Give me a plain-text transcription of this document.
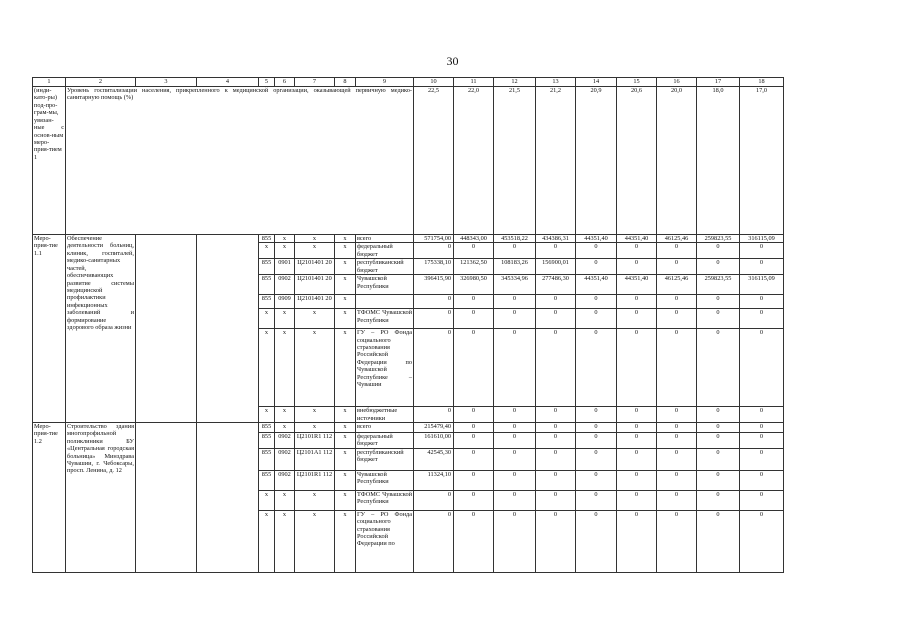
30
1	2	3	4	5	6	7	8	9	10	11	12	13	14	15	16	17	18
(инди-като-ры) под-про-грам-мы, увязан-ные с основ-ным меро-прия-тием 1	Уровень госпитализации населения, прикрепленного к медицинской организации, оказывающей первичную медико-санитарную помощь (%)								22,5	22,0	21,5	21,2	20,9	20,6	20,0	18,0	17,0
Меро-прия-тие 1.1	Обеспечение деятельности больниц, клиник, госпиталей, медико-санитарных частей, обеспечивающих развитие системы медицинской профилактики инфекционных заболеваний и формирование здорового образа жизни			855	x	x	x	всего	571754,00	448343,00	453518,22	434386,31	44351,40	44351,40	46125,46	259823,55	316115,09
				x	x	x	x	федеральный бюджет	0	0	0	0	0	0	0	0	0
				855	0901	Ц2101401 20	x	республиканский бюджет	175338,10	121362,50	108183,26	156900,01	0	0	0	0	0
				855	0902	Ц2101401 20	x	Чувашской Республики	396415,90	326980,50	345334,96	277486,30	44351,40	44351,40	46125,46	259823,55	316115,09
				855	0909	Ц2101401 20	x		0	0	0	0	0	0	0	0	0
				x	x	x	x	ТФОМС Чувашской Республики	0	0	0	0	0	0	0	0	0
				x	x	x	x	ГУ – РО Фонда социального страхования Российской Федерации по Чувашской Республике – Чувашии	0	0	0	0	0	0	0	0	0
				x	x	x	x	внебюджетные источники	0	0	0	0	0	0	0	0	0
Меро-прия-тие 1.2	Строительство здания многопрофильной поликлиники БУ «Центральная городская больница» Минздрава Чувашии, г. Чебоксары, просп. Ленина, д. 12			855	x	x	x	всего	215479,40	0	0	0	0	0	0	0	0
				855	0902	Ц2101R1 112	x	федеральный бюджет	161610,00	0	0	0	0	0	0	0	0
				855	0902	Ц2101А1 112	x	республиканский бюджет	42545,30	0	0	0	0	0	0	0	0
				855	0902	Ц2101R1 112	x	Чувашской Республики	11324,10	0	0	0	0	0	0	0	0
				x	x	x	x	ТФОМС Чувашской Республики	0	0	0	0	0	0	0	0	0
				x	x	x	x	ГУ – РО Фонда социального страхования Российской Федерации по	0	0	0	0	0	0	0	0	0
